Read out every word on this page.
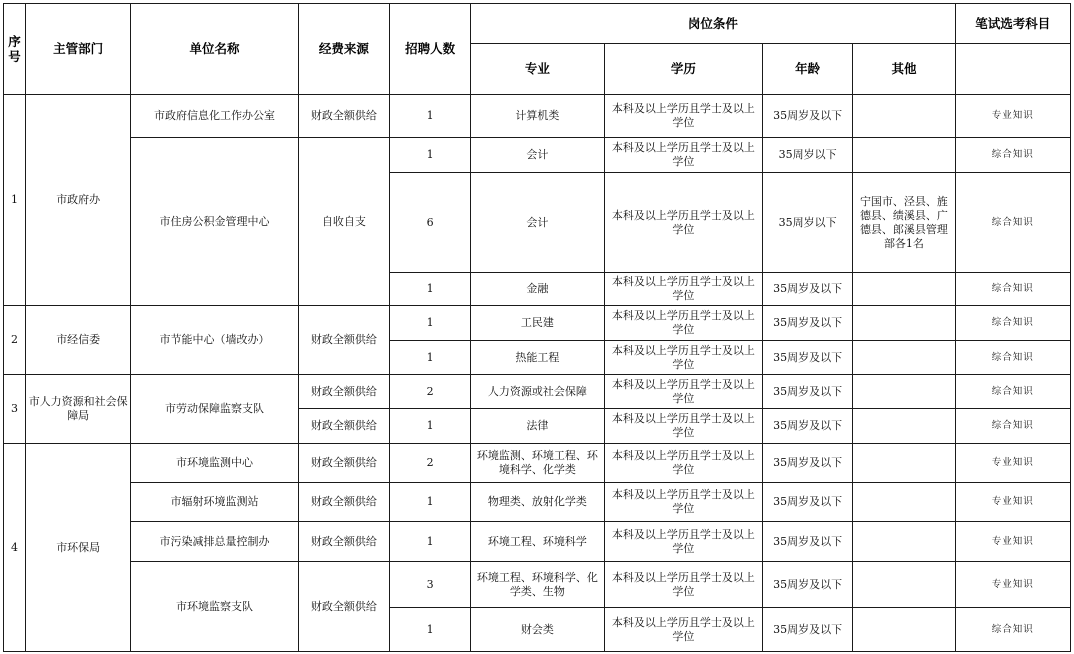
序号	主管部门	单位名称	经费来源	招聘人数	岗位条件				笔试选考科目
					专业	学历	年龄	其他	
1	市政府办	市政府信息化工作办公室	财政全额供给	1	计算机类	本科及以上学历且学士及以上学位	35周岁及以下		专业知识
		市住房公积金管理中心	自收自支	1	会计	本科及以上学历且学士及以上学位	35周岁以下		综合知识
				6	会计	本科及以上学历且学士及以上学位	35周岁以下	宁国市、泾县、旌德县、绩溪县、广德县、郎溪县管理部各1名	综合知识
				1	金融	本科及以上学历且学士及以上学位	35周岁及以下		综合知识
2	市经信委	市节能中心（墙改办）	财政全额供给	1	工民建	本科及以上学历且学士及以上学位	35周岁及以下		综合知识
				1	热能工程	本科及以上学历且学士及以上学位	35周岁及以下		综合知识
3	市人力资源和社会保障局	市劳动保障监察支队	财政全额供给	2	人力资源或社会保障	本科及以上学历且学士及以上学位	35周岁及以下		综合知识
			财政全额供给	1	法律	本科及以上学历且学士及以上学位	35周岁及以下		综合知识
4	市环保局	市环境监测中心	财政全额供给	2	环境监测、环境工程、环境科学、化学类	本科及以上学历且学士及以上学位	35周岁及以下		专业知识
		市辐射环境监测站	财政全额供给	1	物理类、放射化学类	本科及以上学历且学士及以上学位	35周岁及以下		专业知识
		市污染减排总量控制办	财政全额供给	1	环境工程、环境科学	本科及以上学历且学士及以上学位	35周岁及以下		专业知识
		市环境监察支队	财政全额供给	3	环境工程、环境科学、化学类、生物	本科及以上学历且学士及以上学位	35周岁及以下		专业知识
				1	财会类	本科及以上学历且学士及以上学位	35周岁及以下		综合知识
